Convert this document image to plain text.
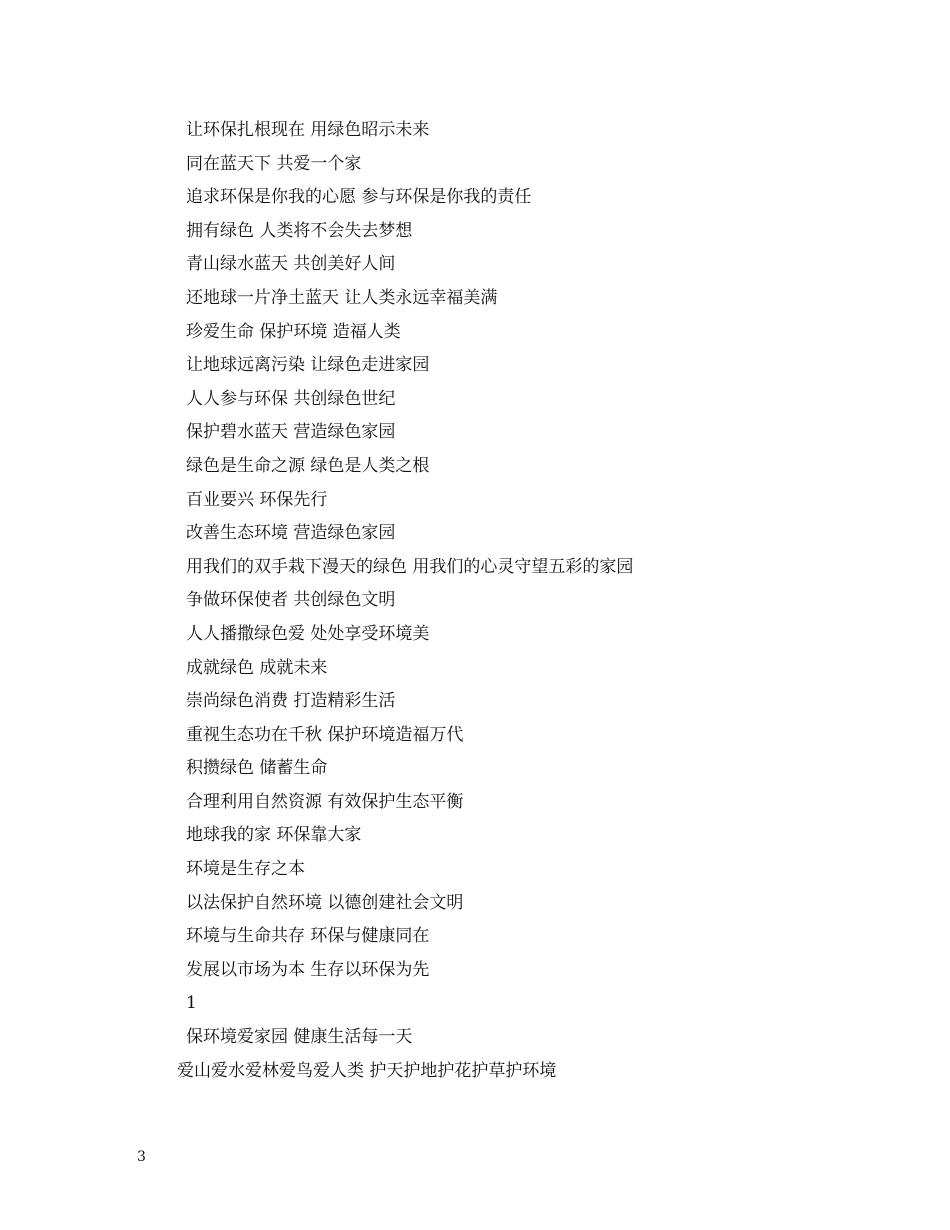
让环保扎根现在 用绿色昭示未来
同在蓝天下 共爱一个家
追求环保是你我的心愿 参与环保是你我的责任
拥有绿色 人类将不会失去梦想
青山绿水蓝天 共创美好人间
还地球一片净土蓝天 让人类永远幸福美满
珍爱生命 保护环境 造福人类
让地球远离污染 让绿色走进家园
人人参与环保 共创绿色世纪
保护碧水蓝天 营造绿色家园
绿色是生命之源 绿色是人类之根
百业要兴 环保先行
改善生态环境 营造绿色家园
用我们的双手栽下漫天的绿色 用我们的心灵守望五彩的家园
争做环保使者 共创绿色文明
人人播撒绿色爱 处处享受环境美
成就绿色 成就未来
崇尚绿色消费 打造精彩生活
重视生态功在千秋 保护环境造福万代
积攒绿色 储蓄生命
合理利用自然资源 有效保护生态平衡
地球我的家 环保靠大家
环境是生存之本
以法保护自然环境 以德创建社会文明
环境与生命共存 环保与健康同在
发展以市场为本 生存以环保为先
1
保环境爱家园 健康生活每一天
爱山爱水爱林爱鸟爱人类 护天护地护花护草护环境
3
